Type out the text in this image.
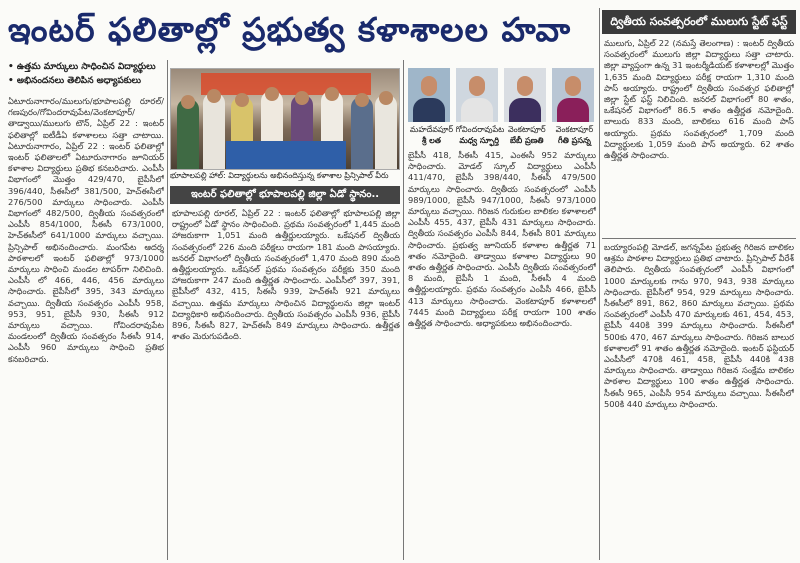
ఇంటర్ ఫలితాల్లో ప్రభుత్వ కళాశాలల హవా	ద్వితీయ సంవత్సరంలో ములుగు స్టేట్ ఫస్ట్
• ఉత్తమ మార్కులు సాధించిన విద్యార్థులు
• అభినందనలు తెలిపిన అధ్యాపకులు
భూపాలపల్లి హాల్: విద్యార్థులను అభినందిస్తున్న కళాశాల ప్రిన్సిపాల్ వీరు
మహదేవపూర్ గోవిందరావుపేట వెంకటాపూర్	వెంకటాపూర్
శ్రీ లత	మధ్వ స్ఫూర్తి	బేబీ ప్రణతి	గీతి ప్రసన్న
ఇంటర్ ఫలితాల్లో భూపాలపల్లి జిల్లా ఏడో స్థానం..
ఏటూరునాగారం/ములుగు/భూపాలపల్లి రూరల్/ గణపురం/గోవిందరావుపేట/వెంకటాపూర్/తాడ్వాయి/ములుగు టౌన్, ఏప్రిల్ 22 : ఇంటర్ ఫలితాల్లో ఐటీడీఏ కళాశాలలు సత్తా చాటాయి. ఏటూరునాగారం, ఏప్రిల్ 22 : ఇంటర్ ఫలితాల్లో ఇంటర్ ఫలితాలలో ఏటూరునాగారం జూనియర్ కళాశాల విద్యార్థులు ప్రతిభ కనబరిచారు. ఎంపీసీ విభాగంలో మొత్తం 429/470, బైపీసీలో 396/440, సీఈసీలో 381/500, హెచ్ఈసీలో 276/500 మార్కులు సాధించారు. ఎంపీసీ విభాగంలో 482/500, ద్వితీయ సంవత్సరంలో ఎంపీసీ 854/1000, సీఈసీ 673/1000, హెచ్ఈసీలో 641/1000 మార్కులు వచ్చాయి. ప్రిన్సిపాల్ అభినందించారు. మంగపేట ఆదర్శ పాఠశాలలో ఇంటర్ ఫలితాల్లో 973/1000 మార్కులు సాధించి మండల టాపర్‌గా నిలిచింది. ఎంపీసీ లో 466, 446, 456 మార్కులు సాధించారు. బైపీసీలో 395, 343 మార్కులు వచ్చాయి. ద్వితీయ సంవత్సరం ఎంపీసీ 958, 953, 951, బైపీసీ 930, సీఈసీ 912 మార్కులు వచ్చాయి. గోవిందరావుపేట మండలంలో ద్వితీయ సంవత్సరం సీఈసీ 914, ఎంపీసీ 960 మార్కులు సాధించి ప్రతిభ కనబరిచారు.
భూపాలపల్లి రూరల్, ఏప్రిల్ 22 : ఇంటర్ ఫలితాల్లో భూపాలపల్లి జిల్లా రాష్ట్రంలో ఏడో స్థానం సాధించింది. ప్రథమ సంవత్సరంలో 1,445 మంది హాజరుకాగా 1,051 మంది ఉత్తీర్ణులయ్యారు. ఒకేషనల్ ద్వితీయ సంవత్సరంలో 226 మంది పరీక్షలు రాయగా 181 మంది పాసయ్యారు. జనరల్ విభాగంలో ద్వితీయ సంవత్సరంలో 1,470 మంది 890 మంది ఉత్తీర్ణులయ్యారు. ఒకేషనల్ ప్రథమ సంవత్సరం పరీక్షకు 350 మంది హాజరుకాగా 247 మంది ఉత్తీర్ణత సాధించారు. ఎంపీసీలో 397, 391, బైపీసీలో 432, 415, సీఈసీ 939, హెచ్ఈసీ 921 మార్కులు వచ్చాయి. ఉత్తమ మార్కులు సాధించిన విద్యార్థులను జిల్లా ఇంటర్ విద్యాధికారి అభినందించారు. ద్వితీయ సంవత్సరం ఎంపీసీ 936, బైపీసీ 896, సీఈసీ 827, హెచ్ఈసీ 849 మార్కులు సాధించారు. ఉత్తీర్ణత శాతం మెరుగుపడింది.
బైపీసీ 418, సీఈసీ 415, ఎంఈసీ 952 మార్కులు సాధించారు. మోడల్ స్కూల్ విద్యార్థులు ఎంపీసీ 411/470, బైపీసీ 398/440, సీఈసీ 479/500 మార్కులు సాధించారు. ద్వితీయ సంవత్సరంలో ఎంపీసీ 989/1000, బైపీసీ 947/1000, సీఈసీ 973/1000 మార్కులు వచ్చాయి. గిరిజన గురుకుల బాలికల కళాశాలలో ఎంపీసీ 455, 437, బైపీసీ 431 మార్కులు సాధించారు. ద్వితీయ సంవత్సరం ఎంపీసీ 844, సీఈసీ 801 మార్కులు సాధించారు. ప్రభుత్వ జూనియర్ కళాశాల ఉత్తీర్ణత 71 శాతం నమోదైంది. తాడ్వాయి కళాశాల విద్యార్థులు 90 శాతం ఉత్తీర్ణత సాధించారు. ఎంపీసీ ద్వితీయ సంవత్సరంలో 8 మంది, బైపీసీ 1 మంది, సీఈసీ 4 మంది ఉత్తీర్ణులయ్యారు. ప్రథమ సంవత్సరం ఎంపీసీ 466, బైపీసీ 413 మార్కులు సాధించారు. వెంకటాపూర్ కళాశాలలో 7445 మంది విద్యార్థులు పరీక్ష రాయగా 100 శాతం ఉత్తీర్ణత సాధించారు. అధ్యాపకులు అభినందించారు.
ములుగు, ఏప్రిల్ 22 (నమస్తే తెలంగాణ) : ఇంటర్ ద్వితీయ సంవత్సరంలో ములుగు జిల్లా విద్యార్థులు సత్తా చాటారు. జిల్లా వ్యాప్తంగా ఉన్న 31 ఇంటర్మీడియట్ కళాశాలల్లో మొత్తం 1,635 మంది విద్యార్థులు పరీక్ష రాయగా 1,310 మంది పాస్ అయ్యారు. రాష్ట్రంలో ద్వితీయ సంవత్సర ఫలితాల్లో జిల్లా స్టేట్ ఫస్ట్ నిలిచింది. జనరల్ విభాగంలో 80 శాతం, ఒకేషనల్ విభాగంలో 86.5 శాతం ఉత్తీర్ణత నమోదైంది. బాలురు 833 మంది, బాలికలు 616 మంది పాస్ అయ్యారు. ప్రథమ సంవత్సరంలో 1,709 మంది విద్యార్థులకు 1,059 మంది పాస్ అయ్యారు. 62 శాతం ఉత్తీర్ణత సాధించారు.
బయ్యారంపల్లి మోడల్, జగన్నపేట ప్రభుత్వ గిరిజన బాలికల ఆశ్రమ పాఠశాల విద్యార్థులు ప్రతిభ చాటారు. ప్రిన్సిపాల్ వీరేశ్ తెలిపారు. ద్వితీయ సంవత్సరంలో ఎంపీసీ విభాగంలో 1000 మార్కులకు గాను 970, 943, 938 మార్కులు సాధించారు. బైపీసీలో 954, 929 మార్కులు సాధించారు. సీఈసీలో 891, 862, 860 మార్కులు వచ్చాయి. ప్రథమ సంవత్సరంలో ఎంపీసీ 470 మార్కులకు 461, 454, 453, బైపీసీ 440కి 399 మార్కులు సాధించారు. సీఈసీలో 500కు 470, 467 మార్కులు సాధించారు. గిరిజన బాలుర కళాశాలలో 91 శాతం ఉత్తీర్ణత నమోదైంది. ఇంటర్ ఫస్టియర్ ఎంపీసీలో 470కి 461, 458, బైపీసీ 440కి 438 మార్కులు సాధించారు. తాడ్వాయి గిరిజన సంక్షేమ బాలికల పాఠశాల విద్యార్థులు 100 శాతం ఉత్తీర్ణత సాధించారు. సీఈసీ 965, ఎంపీసీ 954 మార్కులు వచ్చాయి. సీఈసీలో 500కి 440 మార్కులు సాధించారు.
